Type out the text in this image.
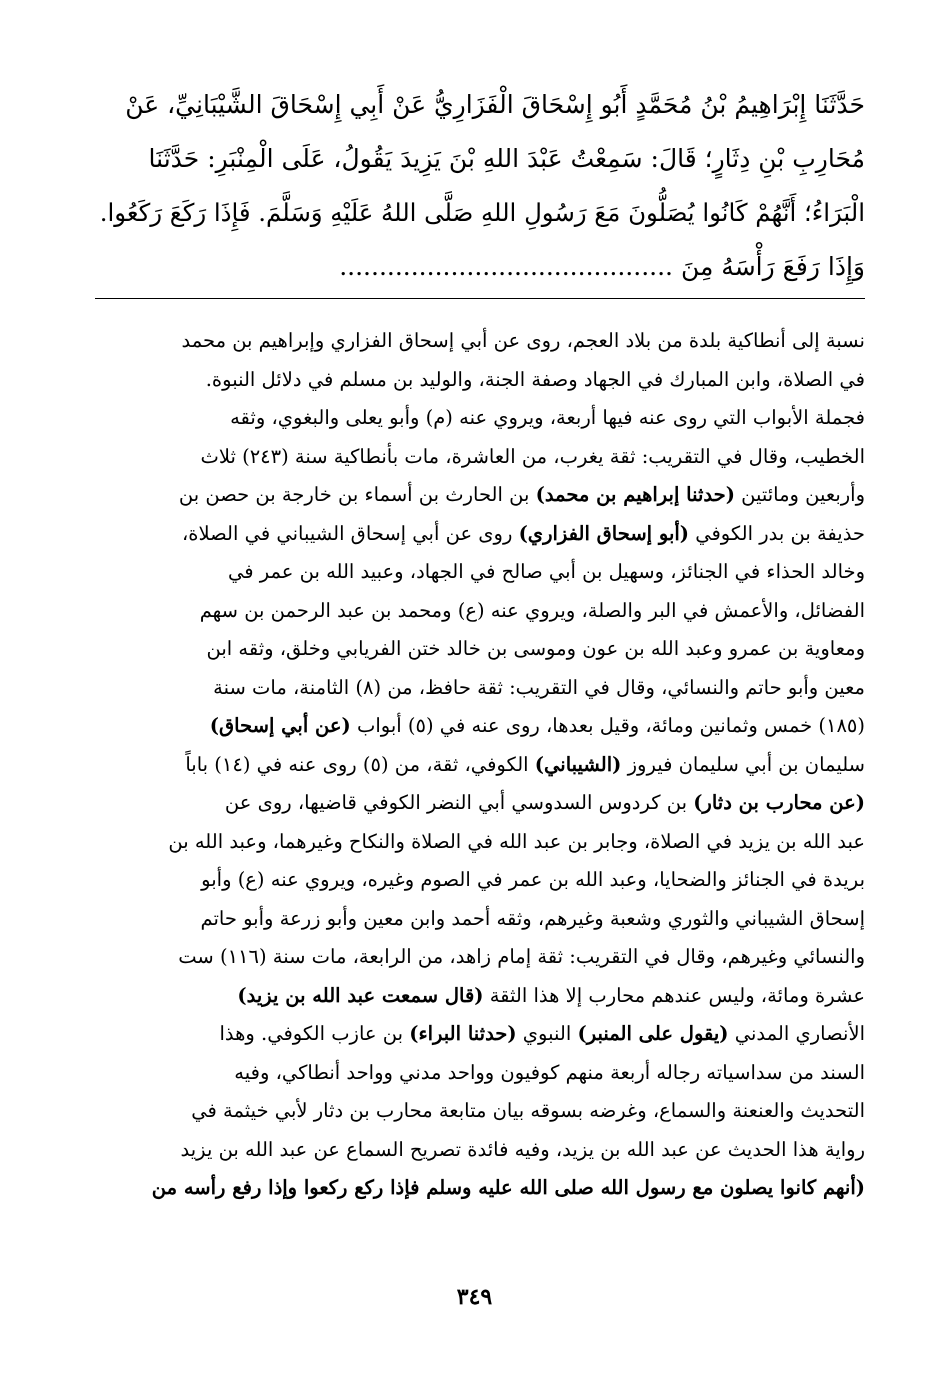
حَدَّثَنَا إِبْرَاهِيمُ بْنُ مُحَمَّدٍ أَبُو إِسْحَاقَ الْفَزَارِيُّ عَنْ أَبِي إِسْحَاقَ الشَّيْبَانِيِّ، عَنْ
مُحَارِبِ بْنِ دِثَارٍ؛ قَالَ: سَمِعْتُ عَبْدَ اللهِ بْنَ يَزِيدَ يَقُولُ، عَلَى الْمِنْبَرِ: حَدَّثَنَا
الْبَرَاءُ؛ أَنَّهُمْ كَانُوا يُصَلُّونَ مَعَ رَسُولِ اللهِ صَلَّى اللهُ عَلَيْهِ وَسَلَّمَ. فَإِذَا رَكَعَ رَكَعُوا.
وَإِذَا رَفَعَ رَأْسَهُ مِنَ ..........................................
نسبة إلى أنطاكية بلدة من بلاد العجم، روى عن أبي إسحاق الفزاري وإبراهيم بن محمد
في الصلاة، وابن المبارك في الجهاد وصفة الجنة، والوليد بن مسلم في دلائل النبوة.
فجملة الأبواب التي روى عنه فيها أربعة، ويروي عنه (م) وأبو يعلى والبغوي، وثقه
الخطيب، وقال في التقريب: ثقة يغرب، من العاشرة، مات بأنطاكية سنة (٢٤٣) ثلاث
وأربعين ومائتين (حدثنا إبراهيم بن محمد) بن الحارث بن أسماء بن خارجة بن حصن بن
حذيفة بن بدر الكوفي (أبو إسحاق الفزاري) روى عن أبي إسحاق الشيباني في الصلاة،
وخالد الحذاء في الجنائز، وسهيل بن أبي صالح في الجهاد، وعبيد الله بن عمر في
الفضائل، والأعمش في البر والصلة، ويروي عنه (ع) ومحمد بن عبد الرحمن بن سهم
ومعاوية بن عمرو وعبد الله بن عون وموسى بن خالد ختن الفريابي وخلق، وثقه ابن
معين وأبو حاتم والنسائي، وقال في التقريب: ثقة حافظ، من (٨) الثامنة، مات سنة
(١٨٥) خمس وثمانين ومائة، وقيل بعدها، روى عنه في (٥) أبواب (عن أبي إسحاق)
سليمان بن أبي سليمان فيروز (الشيباني) الكوفي، ثقة، من (٥) روى عنه في (١٤) باباً
(عن محارب بن دثار) بن كردوس السدوسي أبي النضر الكوفي قاضيها، روى عن
عبد الله بن يزيد في الصلاة، وجابر بن عبد الله في الصلاة والنكاح وغيرهما، وعبد الله بن
بريدة في الجنائز والضحايا، وعبد الله بن عمر في الصوم وغيره، ويروي عنه (ع) وأبو
إسحاق الشيباني والثوري وشعبة وغيرهم، وثقه أحمد وابن معين وأبو زرعة وأبو حاتم
والنسائي وغيرهم، وقال في التقريب: ثقة إمام زاهد، من الرابعة، مات سنة (١١٦) ست
عشرة ومائة، وليس عندهم محارب إلا هذا الثقة (قال سمعت عبد الله بن يزيد)
الأنصاري المدني (يقول على المنبر) النبوي (حدثنا البراء) بن عازب الكوفي. وهذا
السند من سداسياته رجاله أربعة منهم كوفيون وواحد مدني وواحد أنطاكي، وفيه
التحديث والعنعنة والسماع، وغرضه بسوقه بيان متابعة محارب بن دثار لأبي خيثمة في
رواية هذا الحديث عن عبد الله بن يزيد، وفيه فائدة تصريح السماع عن عبد الله بن يزيد
(أنهم كانوا يصلون مع رسول الله صلى الله عليه وسلم فإذا ركع ركعوا وإذا رفع رأسه من
٣٤٩
